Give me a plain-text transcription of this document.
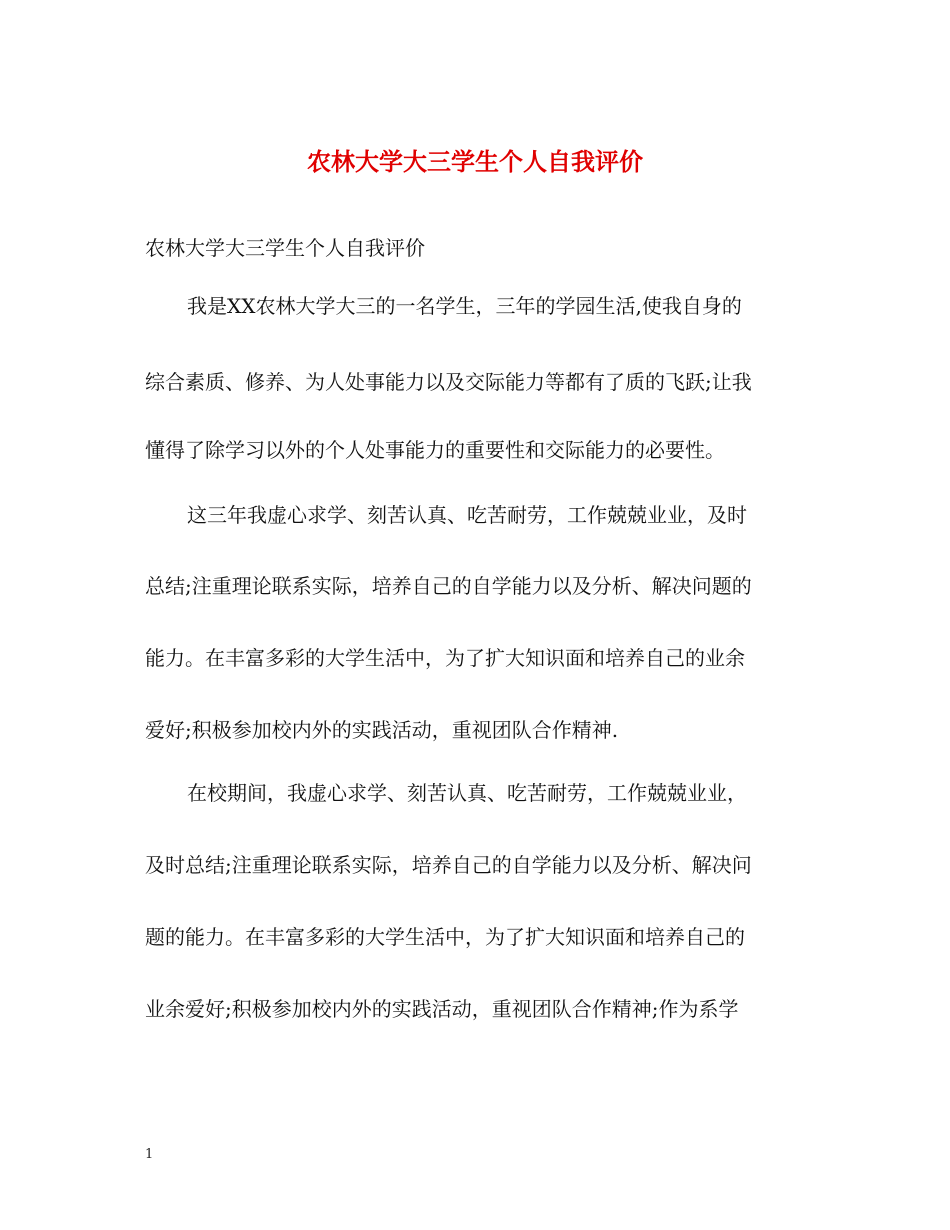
农林大学大三学生个人自我评价

农林大学大三学生个人自我评价

我是XX农林大学大三的一名学生，三年的学园生活,使我自身的

综合素质、修养、为人处事能力以及交际能力等都有了质的飞跃;让我

懂得了除学习以外的个人处事能力的重要性和交际能力的必要性。

这三年我虚心求学、刻苦认真、吃苦耐劳，工作兢兢业业，及时

总结;注重理论联系实际，培养自己的自学能力以及分析、解决问题的

能力。在丰富多彩的大学生活中，为了扩大知识面和培养自己的业余

爱好;积极参加校内外的实践活动，重视团队合作精神.

在校期间，我虚心求学、刻苦认真、吃苦耐劳，工作兢兢业业，

及时总结;注重理论联系实际，培养自己的自学能力以及分析、解决问

题的能力。在丰富多彩的大学生活中，为了扩大知识面和培养自己的

业余爱好;积极参加校内外的实践活动，重视团队合作精神;作为系学

1
